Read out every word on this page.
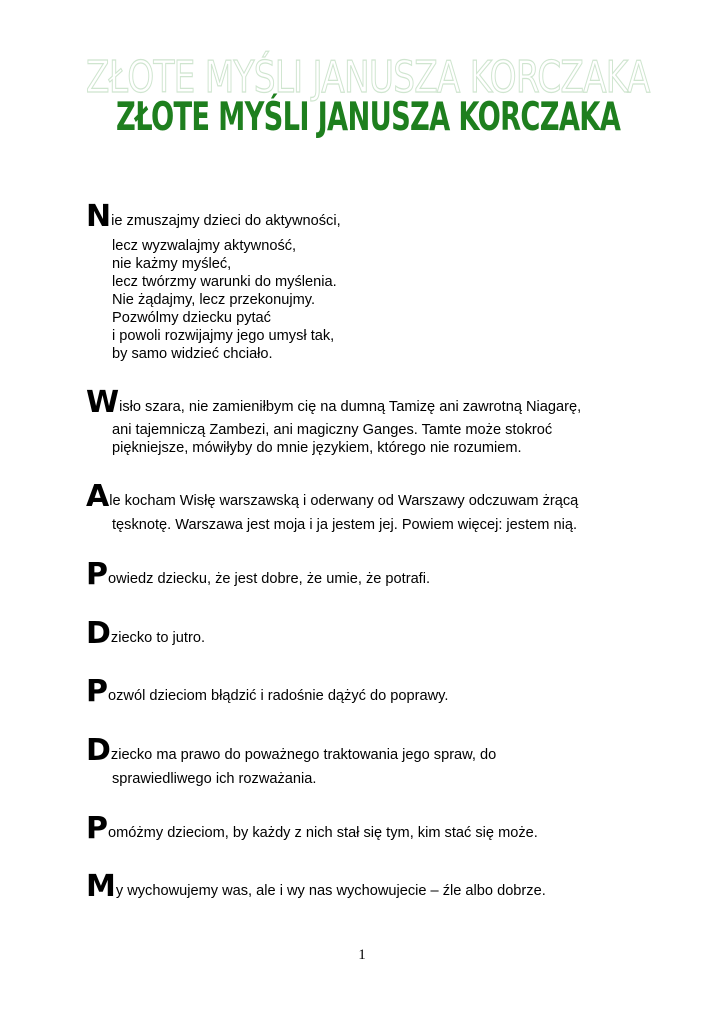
ZŁOTE MYŚLI JANUSZA KORCZAKA
ZŁOTE MYŚLI JANUSZA KORCZAKA
Nie zmuszajmy dzieci do aktywności,
lecz wyzwalajmy aktywność,
nie każmy myśleć,
lecz twórzmy warunki do myślenia.
Nie żądajmy, lecz przekonujmy.
Pozwólmy dziecku pytać
i powoli rozwijajmy jego umysł tak,
by samo widzieć chciało.
Wisło szara, nie zamieniłbym cię na dumną Tamizę ani zawrotną Niagarę,
ani tajemniczą Zambezi, ani magiczny Ganges. Tamte może stokroć
piękniejsze, mówiłyby do mnie językiem, którego nie rozumiem.
Ale kocham Wisłę warszawską i oderwany od Warszawy odczuwam żrącą
tęsknotę. Warszawa jest moja i ja jestem jej. Powiem więcej: jestem nią.
Powiedz dziecku, że jest dobre, że umie, że potrafi.
Dziecko to jutro.
Pozwól dzieciom błądzić i radośnie dążyć do poprawy.
Dziecko ma prawo do poważnego traktowania jego spraw, do
sprawiedliwego ich rozważania.
Pomóżmy dzieciom, by każdy z nich stał się tym, kim stać się może.
My wychowujemy was, ale i wy nas wychowujecie – źle albo dobrze.
1
